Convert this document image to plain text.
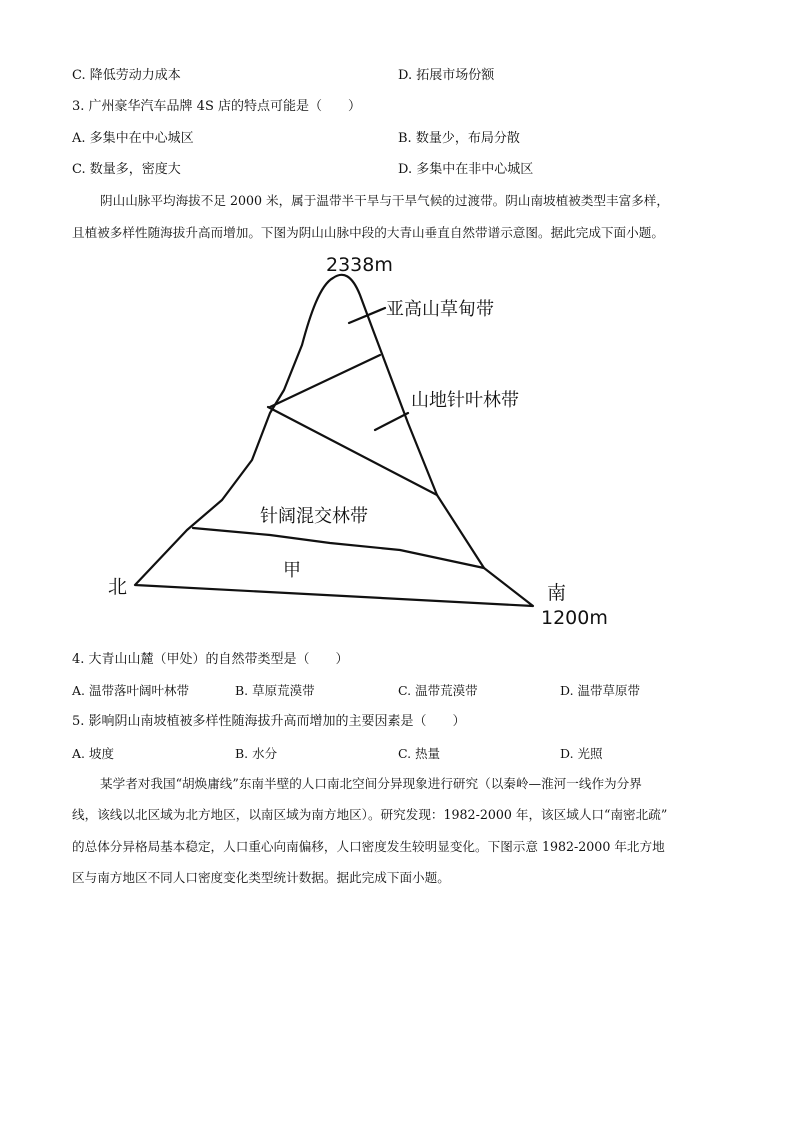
C. 降低劳动力成本	D. 拓展市场份额
3. 广州豪华汽车品牌 4S 店的特点可能是（　　）
A. 多集中在中心城区	B. 数量少，布局分散
C. 数量多，密度大	D. 多集中在非中心城区
阴山山脉平均海拔不足 2000 米，属于温带半干旱与干旱气候的过渡带。阴山南坡植被类型丰富多样，
且植被多样性随海拔升高而增加。下图为阴山山脉中段的大青山垂直自然带谱示意图。据此完成下面小题。
2338m
亚高山草甸带
山地针叶林带
针阔混交林带
甲
北	南
1200m
4. 大青山山麓（甲处）的自然带类型是（　　）
A. 温带落叶阔叶林带	B. 草原荒漠带	C. 温带荒漠带	D. 温带草原带
5. 影响阴山南坡植被多样性随海拔升高而增加的主要因素是（　　）
A. 坡度	B. 水分	C. 热量	D. 光照
某学者对我国“胡焕庸线”东南半壁的人口南北空间分异现象进行研究（以秦岭—淮河一线作为分界
线，该线以北区域为北方地区，以南区域为南方地区）。研究发现：1982-2000 年，该区域人口“南密北疏”
的总体分异格局基本稳定，人口重心向南偏移，人口密度发生较明显变化。下图示意 1982-2000 年北方地
区与南方地区不同人口密度变化类型统计数据。据此完成下面小题。
